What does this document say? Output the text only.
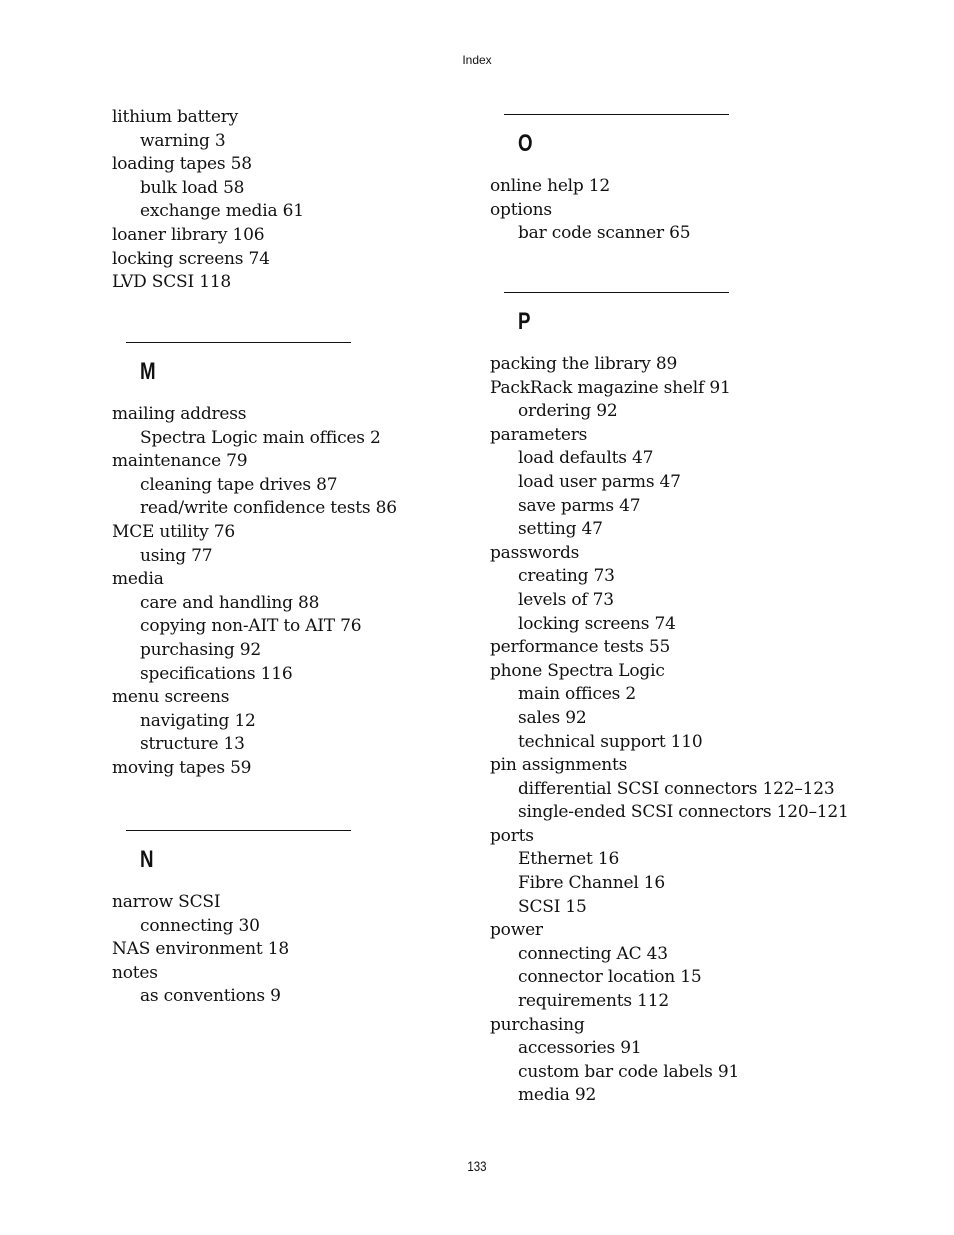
Index
lithium battery
warning 3
loading tapes 58
bulk load 58
exchange media 61
loaner library 106
locking screens 74
LVD SCSI 118
M
mailing address
Spectra Logic main offices 2
maintenance 79
cleaning tape drives 87
read/write confidence tests 86
MCE utility 76
using 77
media
care and handling 88
copying non-AIT to AIT 76
purchasing 92
specifications 116
menu screens
navigating 12
structure 13
moving tapes 59
N
narrow SCSI
connecting 30
NAS environment 18
notes
as conventions 9
O
online help 12
options
bar code scanner 65
P
packing the library 89
PackRack magazine shelf 91
ordering 92
parameters
load defaults 47
load user parms 47
save parms 47
setting 47
passwords
creating 73
levels of 73
locking screens 74
performance tests 55
phone Spectra Logic
main offices 2
sales 92
technical support 110
pin assignments
differential SCSI connectors 122–123
single-ended SCSI connectors 120–121
ports
Ethernet 16
Fibre Channel 16
SCSI 15
power
connecting AC 43
connector location 15
requirements 112
purchasing
accessories 91
custom bar code labels 91
media 92
133
